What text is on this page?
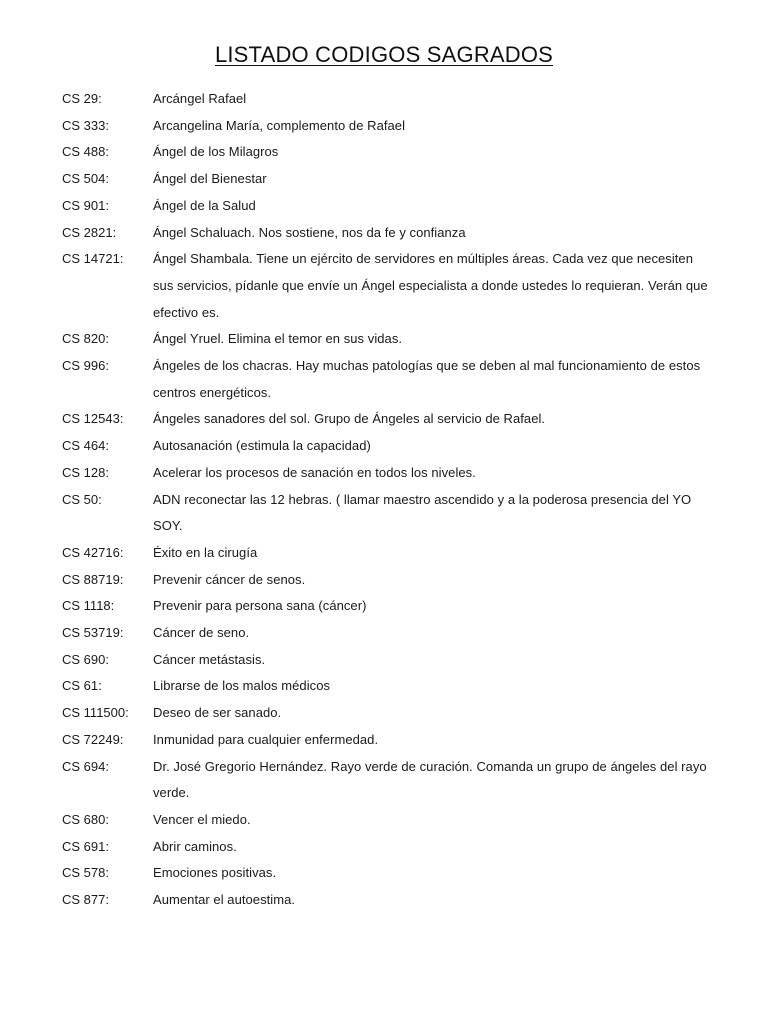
LISTADO CODIGOS SAGRADOS
CS 29:	Arcángel Rafael
CS 333:	Arcangelina María, complemento de Rafael
CS 488:	Ángel de los Milagros
CS 504:	Ángel del Bienestar
CS 901:	Ángel de la Salud
CS 2821:	Ángel Schaluach. Nos sostiene, nos da fe y confianza
CS 14721:	Ángel Shambala. Tiene un ejército de servidores en múltiples áreas. Cada vez que necesiten sus servicios, pídanle que envíe un Ángel especialista a donde ustedes lo requieran. Verán que efectivo es.
CS 820:	Ángel Yruel. Elimina el temor en sus vidas.
CS 996:	Ángeles de los chacras. Hay muchas patologías que se deben al mal funcionamiento de estos centros energéticos.
CS 12543:	Ángeles sanadores del sol. Grupo de Ángeles al servicio de Rafael.
CS 464:	Autosanación (estimula la capacidad)
CS 128:	Acelerar los procesos de sanación en todos los niveles.
CS 50:	ADN reconectar las 12 hebras. ( llamar maestro ascendido y a la poderosa presencia del YO SOY.
CS 42716:	Éxito en la cirugía
CS 88719:	Prevenir cáncer de senos.
CS 1118:	Prevenir para persona sana (cáncer)
CS 53719:	Cáncer de seno.
CS 690:	Cáncer metástasis.
CS 61:	Librarse de los malos médicos
CS 111500:	Deseo de ser sanado.
CS 72249:	Inmunidad para cualquier enfermedad.
CS 694:	Dr. José Gregorio Hernández. Rayo verde de curación. Comanda un grupo de ángeles del rayo verde.
CS 680:	Vencer el miedo.
CS 691:	Abrir caminos.
CS 578:	Emociones positivas.
CS 877:	Aumentar el autoestima.
